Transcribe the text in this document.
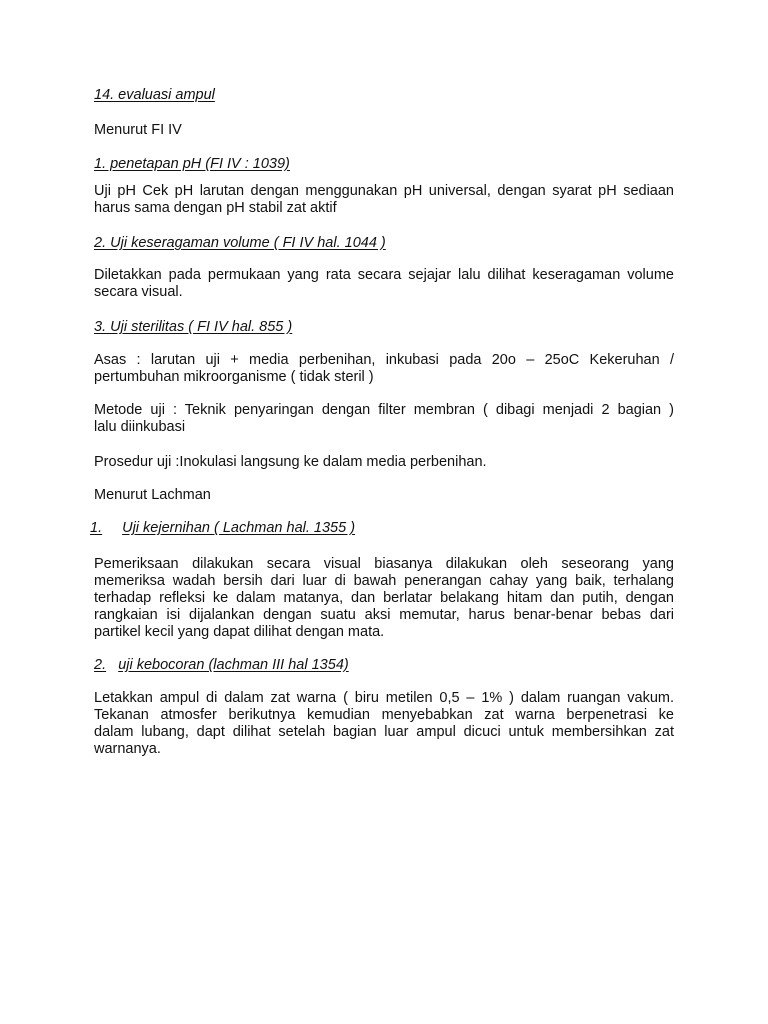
14. evaluasi ampul

Menurut FI IV

1. penetapan pH (FI IV : 1039)

Uji pH Cek pH larutan dengan menggunakan pH universal, dengan syarat pH sediaan
harus sama dengan pH stabil zat aktif

2. Uji keseragaman volume ( FI IV hal. 1044 )

Diletakkan pada permukaan yang rata secara sejajar lalu dilihat keseragaman volume
secara visual.

3. Uji sterilitas ( FI IV hal. 855 )

Asas : larutan uji + media perbenihan, inkubasi pada 20o – 25oC Kekeruhan /
pertumbuhan mikroorganisme ( tidak steril )
Metode uji : Teknik penyaringan dengan filter membran ( dibagi menjadi 2 bagian )
lalu diinkubasi

Prosedur uji :Inokulasi langsung ke dalam media perbenihan.

Menurut Lachman

1. Uji kejernihan ( Lachman hal. 1355 )

Pemeriksaan dilakukan secara visual biasanya dilakukan oleh seseorang yang
memeriksa wadah bersih dari luar di bawah penerangan cahay yang baik, terhalang
terhadap refleksi ke dalam matanya, dan berlatar belakang hitam dan putih, dengan
rangkaian isi dijalankan dengan suatu aksi memutar, harus benar-benar bebas dari
partikel kecil yang dapat dilihat dengan mata.

2. uji kebocoran (lachman III hal 1354)

Letakkan ampul di dalam zat warna ( biru metilen 0,5 – 1% ) dalam ruangan vakum.
Tekanan atmosfer berikutnya kemudian menyebabkan zat warna berpenetrasi ke
dalam lubang, dapt dilihat setelah bagian luar ampul dicuci untuk membersihkan zat
warnanya.
